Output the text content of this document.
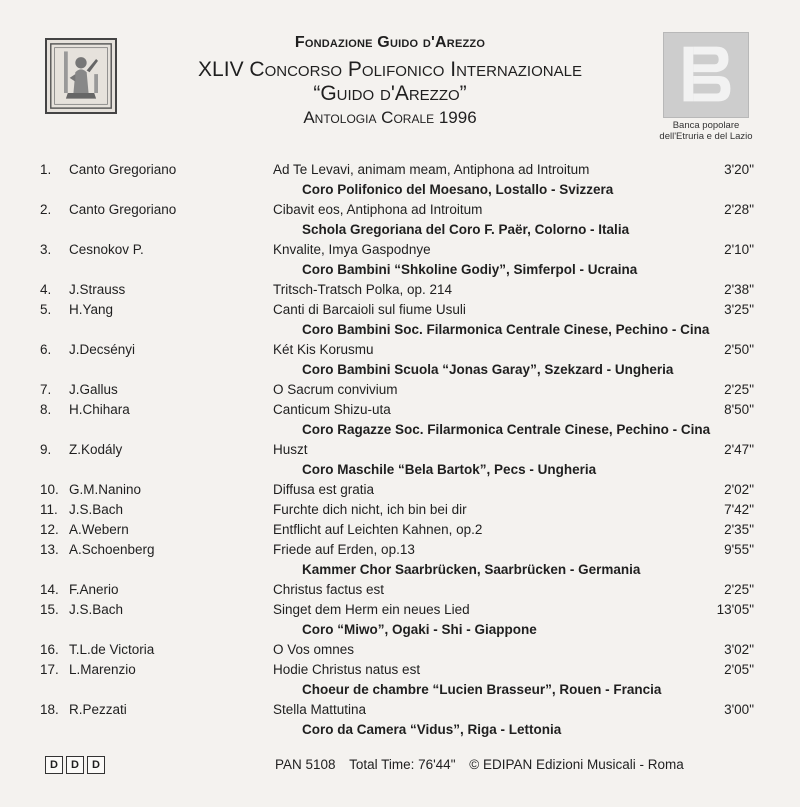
Fondazione Guido d'Arezzo
XLIV Concorso Polifonico Internazionale
“Guido d'Arezzo”
Antologia Corale 1996	Banca popolare
dell'Etruria e del Lazio
1.	Canto Gregoriano	Ad Te Levavi, animam meam, Antiphona ad Introitum	3'20"
Coro Polifonico del Moesano, Lostallo - Svizzera
2.	Canto Gregoriano	Cibavit eos, Antiphona ad Introitum	2'28"
Schola Gregoriana del Coro F. Paër, Colorno - Italia
3.	Cesnokov P.	Knvalite, Imya Gaspodnye	2'10"
Coro Bambini “Shkoline Godiy”, Simferpol - Ucraina
4.	J.Strauss	Tritsch-Tratsch Polka, op. 214	2'38"
5.	H.Yang	Canti di Barcaioli sul fiume Usuli	3'25"
Coro Bambini Soc. Filarmonica Centrale Cinese, Pechino - Cina
6.	J.Decsényi	Két Kis Korusmu	2'50"
Coro Bambini Scuola “Jonas Garay”, Szekzard - Ungheria
7.	J.Gallus	O Sacrum convivium	2'25"
8.	H.Chihara	Canticum Shizu-uta	8'50"
Coro Ragazze Soc. Filarmonica Centrale Cinese, Pechino - Cina
9.	Z.Kodály	Huszt	2'47"
Coro Maschile “Bela Bartok”, Pecs - Ungheria
10. G.M.Nanino	Diffusa est gratia	2'02"
11. J.S.Bach	Furchte dich nicht, ich bin bei dir	7'42"
12. A.Webern	Entflicht auf Leichten Kahnen, op.2	2'35"
13. A.Schoenberg	Friede auf Erden, op.13	9'55"
Kammer Chor Saarbrücken, Saarbrücken - Germania
14. F.Anerio	Christus factus est	2'25"
15. J.S.Bach	Singet dem Herm ein neues Lied	13'05"
Coro “Miwo”, Ogaki - Shi - Giappone
16. T.L.de Victoria	O Vos omnes	3'02"
17. L.Marenzio	Hodie Christus natus est	2'05"
Choeur de chambre “Lucien Brasseur”, Rouen - Francia
18. R.Pezzati	Stella Mattutina	3'00"
Coro da Camera “Vidus”, Riga - Lettonia
D	D	D	PAN 5108 Total Time: 76'44" © EDIPAN Edizioni Musicali - Roma
